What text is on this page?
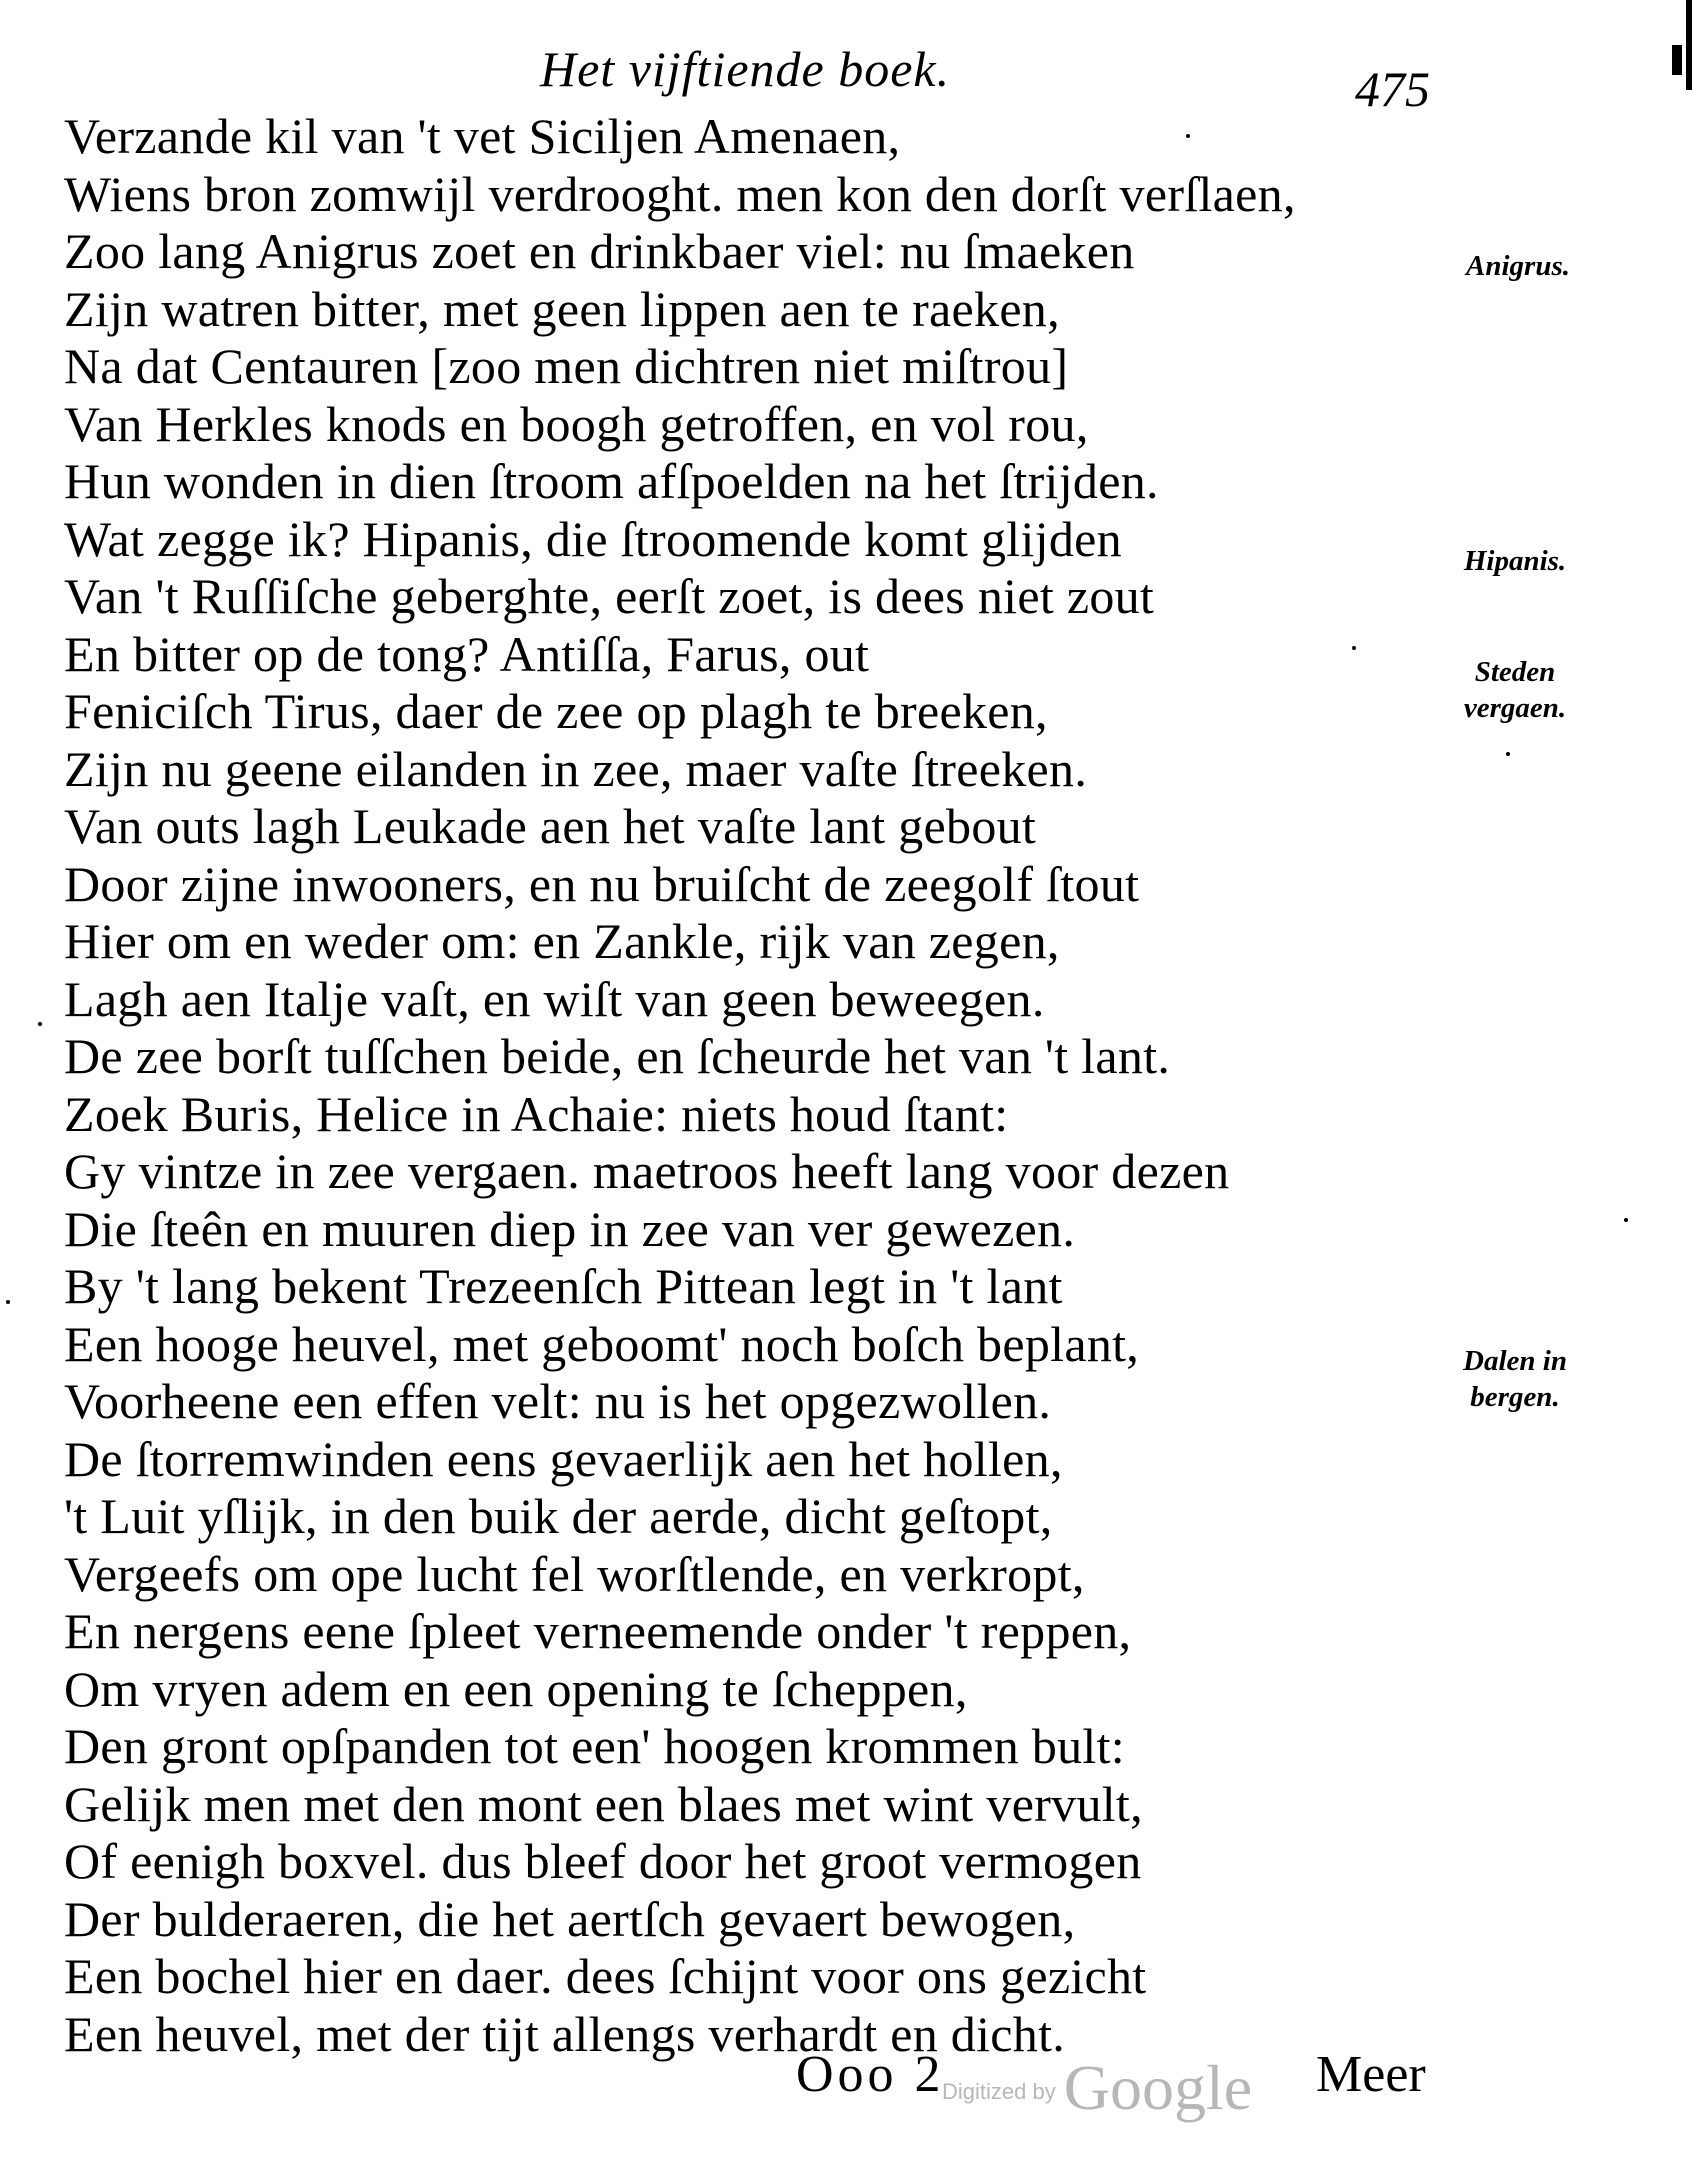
Het vijftiende boek.	475
Verzande kil van 't vet Siciljen Amenaen,
Wiens bron zomwijl verdrooght. men kon den dorſt verſlaen,
Zoo lang Anigrus zoet en drinkbaer viel: nu ſmaeken
Zijn watren bitter, met geen lippen aen te raeken,
Na dat Centauren [zoo men dichtren niet miſtrou]
Van Herkles knods en boogh getroffen, en vol rou,
Hun wonden in dien ſtroom afſpoelden na het ſtrijden.
Wat zegge ik? Hipanis, die ſtroomende komt glijden
Van 't Ruſſiſche geberghte, eerſt zoet, is dees niet zout
En bitter op de tong? Antiſſa, Farus, out
Feniciſch Tirus, daer de zee op plagh te breeken,
Zijn nu geene eilanden in zee, maer vaſte ſtreeken.
Van outs lagh Leukade aen het vaſte lant gebout
Door zijne inwooners, en nu bruiſcht de zeegolf ſtout
Hier om en weder om: en Zankle, rijk van zegen,
Lagh aen Italje vaſt, en wiſt van geen beweegen.
De zee borſt tuſſchen beide, en ſcheurde het van 't lant.
Zoek Buris, Helice in Achaie: niets houd ſtant:
Gy vintze in zee vergaen. maetroos heeft lang voor dezen
Die ſteên en muuren diep in zee van ver gewezen.
By 't lang bekent Trezeenſch Pittean legt in 't lant
Een hooge heuvel, met geboomt' noch boſch beplant,
Voorheene een effen velt: nu is het opgezwollen.
De ſtorremwinden eens gevaerlijk aen het hollen,
't Luit yſlijk, in den buik der aerde, dicht geſtopt,
Vergeefs om ope lucht fel worſtlende, en verkropt,
En nergens eene ſpleet verneemende onder 't reppen,
Om vryen adem en een opening te ſcheppen,
Den gront opſpanden tot een' hoogen krommen bult:
Gelijk men met den mont een blaes met wint vervult,
Of eenigh boxvel. dus bleef door het groot vermogen
Der bulderaeren, die het aertſch gevaert bewogen,
Een bochel hier en daer. dees ſchijnt voor ons gezicht
Een heuvel, met der tijt allengs verhardt en dicht.
Anigrus.
Hipanis.
Steden
vergaen.
Dalen in
bergen.
Ooo 2
Digitized by Google Meer
